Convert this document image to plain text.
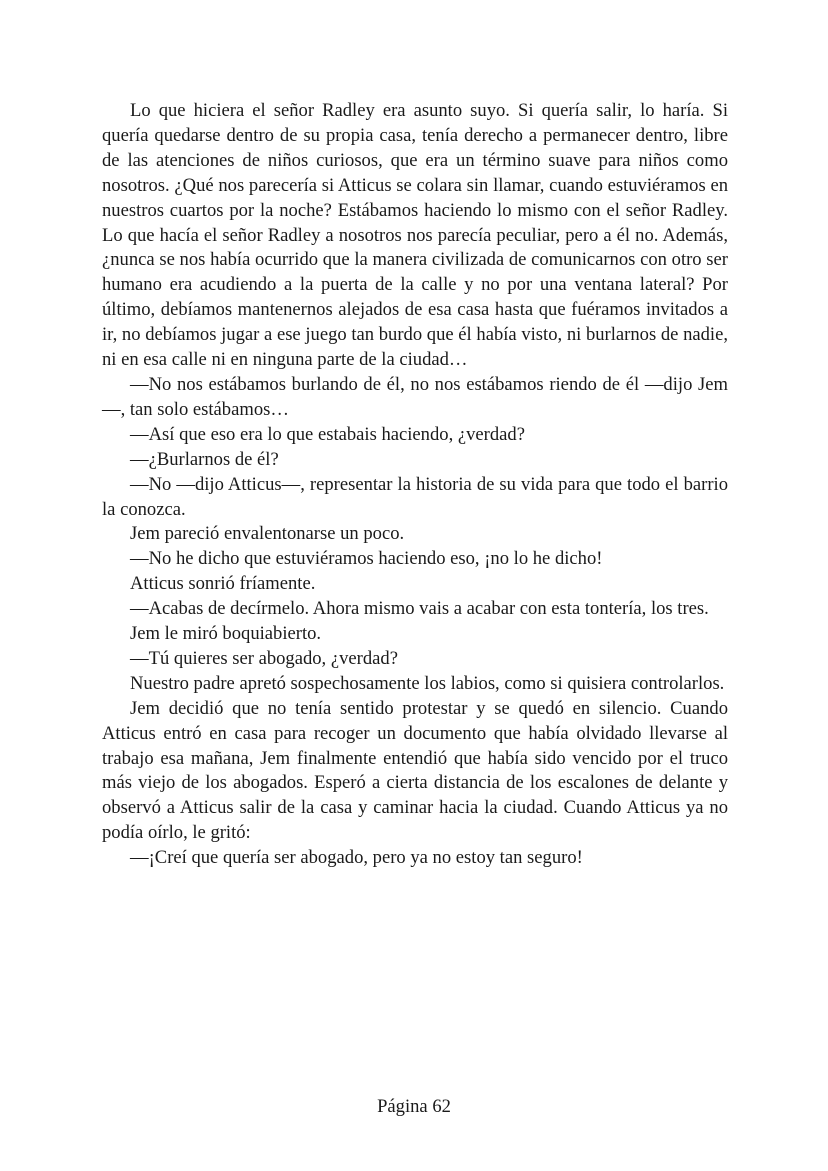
Lo que hiciera el señor Radley era asunto suyo. Si quería salir, lo haría. Si quería quedarse dentro de su propia casa, tenía derecho a permanecer dentro, libre de las atenciones de niños curiosos, que era un término suave para niños como nosotros. ¿Qué nos parecería si Atticus se colara sin llamar, cuando estuviéramos en nuestros cuartos por la noche? Estábamos haciendo lo mismo con el señor Radley. Lo que hacía el señor Radley a nosotros nos parecía peculiar, pero a él no. Además, ¿nunca se nos había ocurrido que la manera civilizada de comunicarnos con otro ser humano era acudiendo a la puerta de la calle y no por una ventana lateral? Por último, debíamos mantenernos alejados de esa casa hasta que fuéramos invitados a ir, no debíamos jugar a ese juego tan burdo que él había visto, ni burlarnos de nadie, ni en esa calle ni en ninguna parte de la ciudad…

—No nos estábamos burlando de él, no nos estábamos riendo de él —dijo Jem—, tan solo estábamos…

—Así que eso era lo que estabais haciendo, ¿verdad?

—¿Burlarnos de él?

—No —dijo Atticus—, representar la historia de su vida para que todo el barrio la conozca.

Jem pareció envalentonarse un poco.

—No he dicho que estuviéramos haciendo eso, ¡no lo he dicho!

Atticus sonrió fríamente.

—Acabas de decírmelo. Ahora mismo vais a acabar con esta tontería, los tres.

Jem le miró boquiabierto.

—Tú quieres ser abogado, ¿verdad?

Nuestro padre apretó sospechosamente los labios, como si quisiera controlarlos.

Jem decidió que no tenía sentido protestar y se quedó en silencio. Cuando Atticus entró en casa para recoger un documento que había olvidado llevarse al trabajo esa mañana, Jem finalmente entendió que había sido vencido por el truco más viejo de los abogados. Esperó a cierta distancia de los escalones de delante y observó a Atticus salir de la casa y caminar hacia la ciudad. Cuando Atticus ya no podía oírlo, le gritó:

—¡Creí que quería ser abogado, pero ya no estoy tan seguro!

Página 62
